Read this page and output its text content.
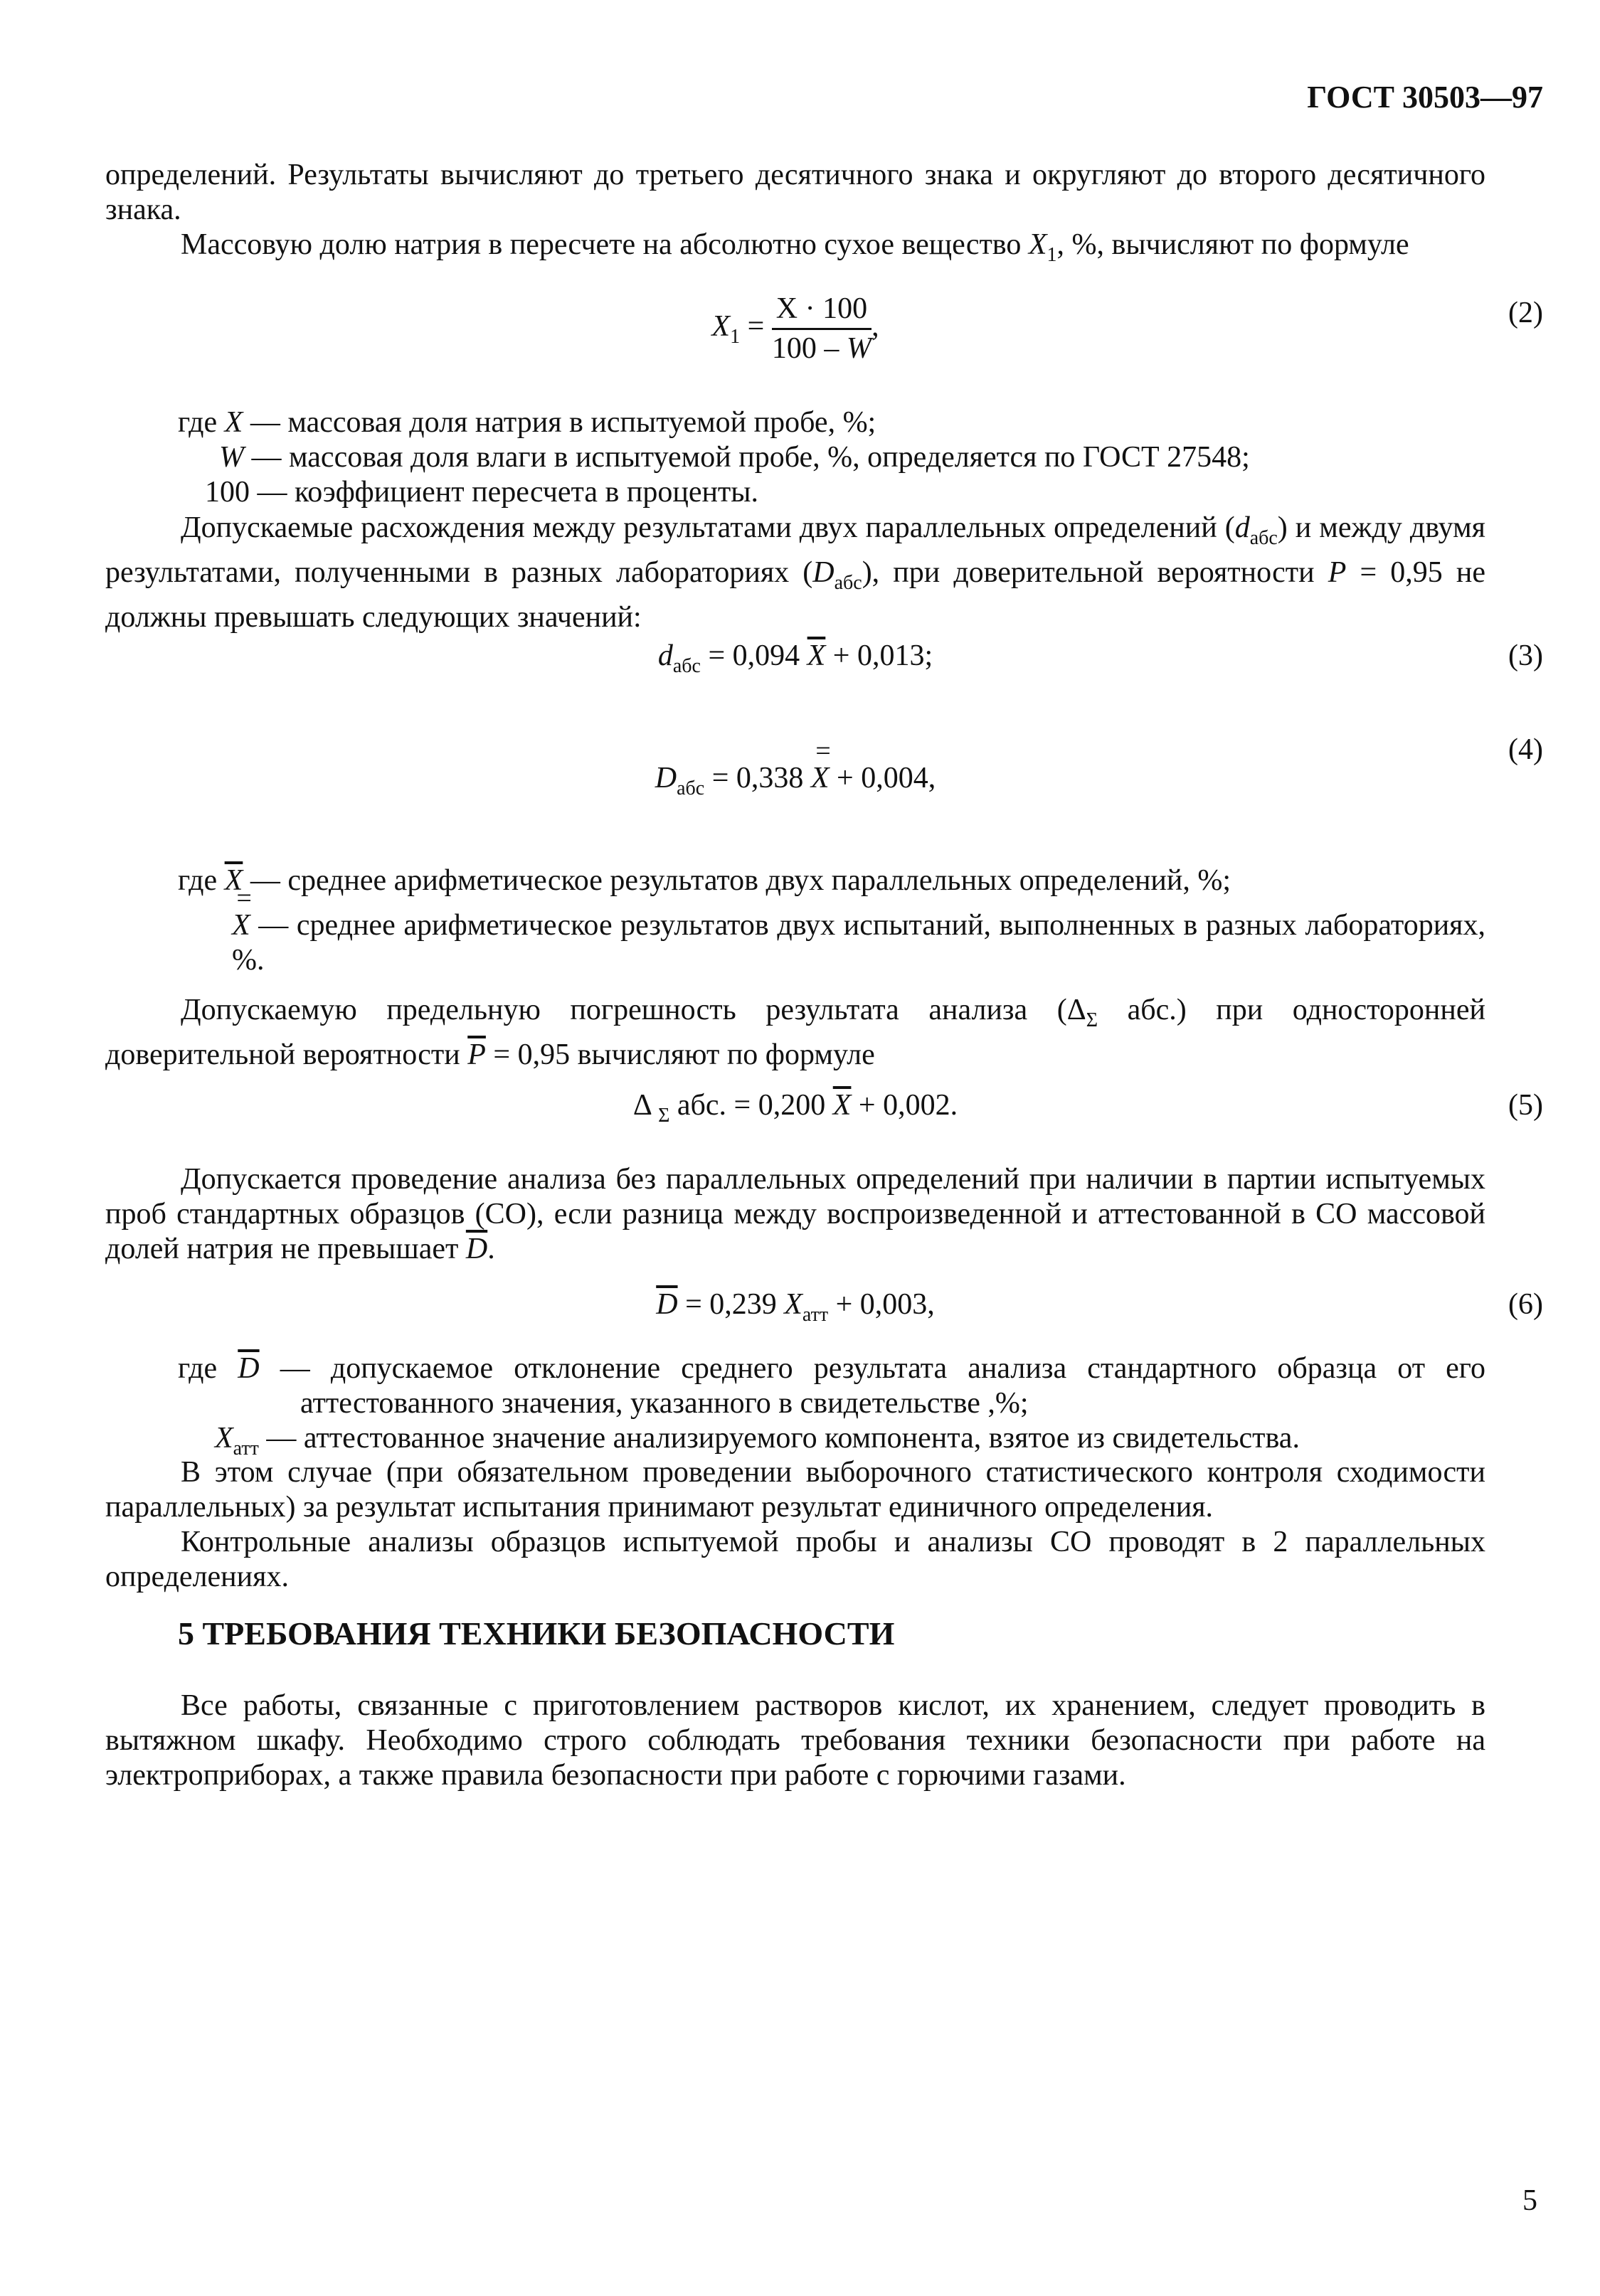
ГОСТ 30503—97

определений. Результаты вычисляют до третьего десятичного знака и округляют до второго десятичного знака.

Массовую долю натрия в пересчете на абсолютно сухое вещество $X_1$, %, вычисляют по формуле

$X_1 = \frac{X \cdot 100}{100 - W}$ ,	(2)
где X — массовая доля натрия в испытуемой пробе, %;
W — массовая доля влаги в испытуемой пробе, %, определяется по ГОСТ 27548;
100 — коэффициент пересчета в проценты.

Допускаемые расхождения между результатами двух параллельных определений $(d_{абс})$ и между двумя результатами, полученными в разных лабораториях $(D_{абс})$, при доверительной вероятности P = 0,95 не должны превышать следующих значений:

$d_{абс} = 0,094$ $\overline{X} + 0,013$;	(3)
$D_{абс} = 0,338 = X + 0,004$,
(4)
где $\overline{X}$ — среднее арифметическое результатов двух параллельных определений, %;
= X — среднее арифметическое результатов двух испытаний, выполненных в разных лабораториях, %.

Допускаемую предельную погрешность результата анализа ($\Delta_\Sigma$ абс.) при односторонней доверительной вероятности $\overline{P} = 0,95$ вычисляют по формуле

Δ $_\Sigma$ абс. = 0,200 $\overline{X} + 0,002$.	(5)

Допускается проведение анализа без параллельных определений при наличии в партии испытуемых проб стандартных образцов (СО), если разница между воспроизведенной и аттестованной в СО массовой долей натрия не превышает $\overline{D}$.

$\overline{D} = 0,239$ $X_{атт} + 0,003$,	(6)
где $\overline{D}$ — допускаемое отклонение среднего результата анализа стандартного образца от его аттестованного значения, указанного в свидетельстве ,%;
$X_{атт}$ — аттестованное значение анализируемого компонента, взятое из свидетельства.

В этом случае (при обязательном проведении выборочного статистического контроля сходимости параллельных) за результат испытания принимают результат единичного определения.

Контрольные анализы образцов испытуемой пробы и анализы СО проводят в 2 параллельных определениях.

5 ТРЕБОВАНИЯ ТЕХНИКИ БЕЗОПАСНОСТИ

Все работы, связанные с приготовлением растворов кислот, их хранением, следует проводить в вытяжном шкафу. Необходимо строго соблюдать требования техники безопасности при работе на электроприборах, а также правила безопасности при работе с горючими газами.

5
